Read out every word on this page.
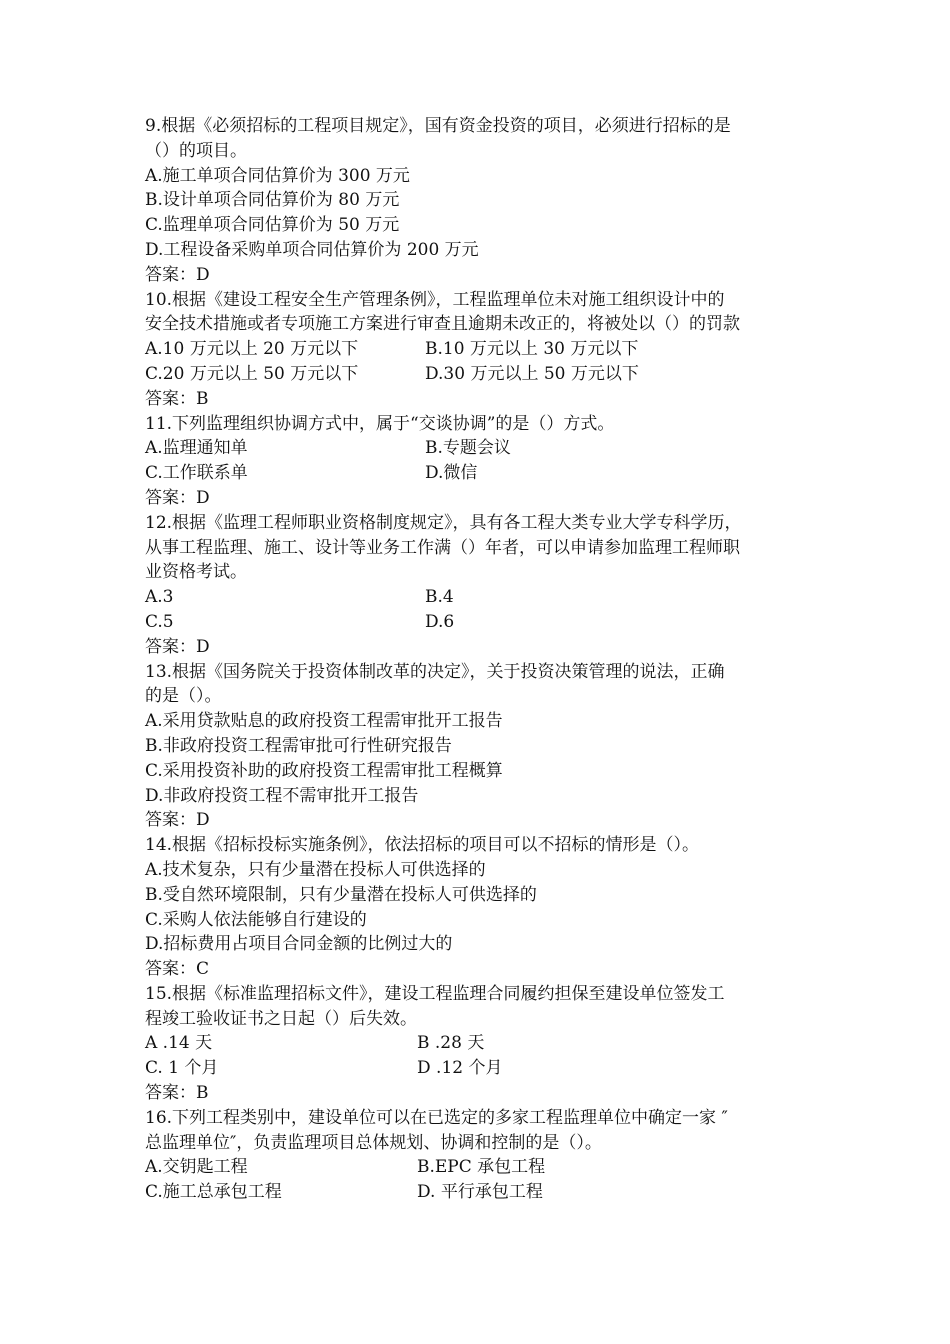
9.根据《必须招标的工程项目规定》，国有资金投资的项目，必须进行招标的是
（）的项目。
A.施工单项合同估算价为 300 万元
B.设计单项合同估算价为 80 万元
C.监理单项合同估算价为 50 万元
D.工程设备采购单项合同估算价为 200 万元
答案：D
10.根据《建设工程安全生产管理条例》，工程监理单位未对施工组织设计中的
安全技术措施或者专项施工方案进行审查且逾期未改正的，将被处以（）的罚款
A.10 万元以上 20 万元以下	B.10 万元以上 30 万元以下
C.20 万元以上 50 万元以下	D.30 万元以上 50 万元以下
答案：B
11.下列监理组织协调方式中，属于“交谈协调”的是（）方式。
A.监理通知单	B.专题会议
C.工作联系单	D.微信
答案：D
12.根据《监理工程师职业资格制度规定》，具有各工程大类专业大学专科学历，
从事工程监理、施工、设计等业务工作满（）年者，可以申请参加监理工程师职
业资格考试。
A.3	B.4
C.5	D.6
答案：D
13.根据《国务院关于投资体制改革的决定》，关于投资决策管理的说法，正确
的是（）。
A.采用贷款贴息的政府投资工程需审批开工报告
B.非政府投资工程需审批可行性研究报告
C.采用投资补助的政府投资工程需审批工程概算
D.非政府投资工程不需审批开工报告
答案：D
14.根据《招标投标实施条例》，依法招标的项目可以不招标的情形是（）。
A.技术复杂，只有少量潜在投标人可供选择的
B.受自然环境限制，只有少量潜在投标人可供选择的
C.采购人依法能够自行建设的
D.招标费用占项目合同金额的比例过大的
答案：C
15.根据《标准监理招标文件》，建设工程监理合同履约担保至建设单位签发工
程竣工验收证书之日起（）后失效。
A .14 天	B .28 天
C. 1 个月	D .12 个月
答案：B
16.下列工程类别中，建设单位可以在已选定的多家工程监理单位中确定一家 ″
总监理单位″，负责监理项目总体规划、协调和控制的是（）。
A.交钥匙工程	B.EPC 承包工程
C.施工总承包工程	D. 平行承包工程
